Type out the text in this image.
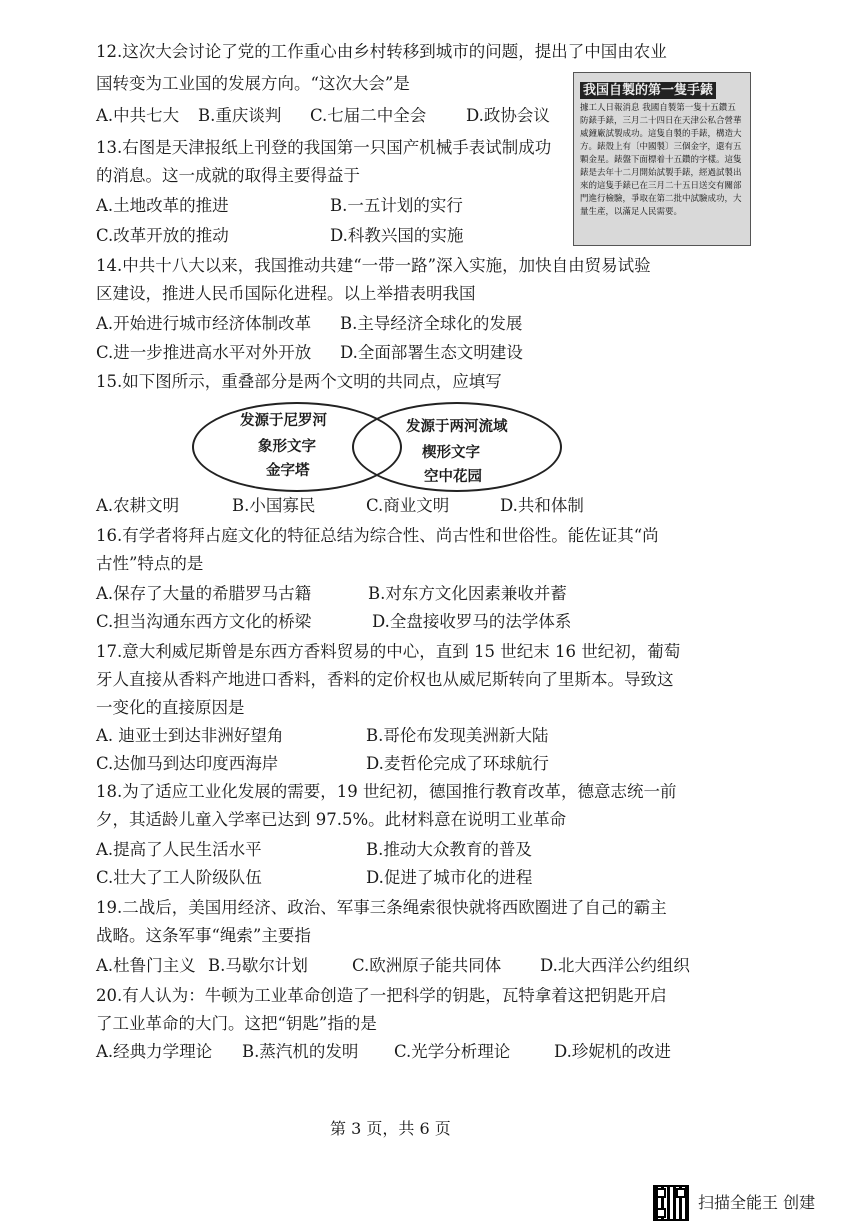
12.这次大会讨论了党的工作重心由乡村转移到城市的问题，提出了中国由农业
国转变为工业国的发展方向。“这次大会”是
A.中共七大 B.重庆谈判 C.七届二中全会 D.政协会议
我国自製的第一隻手錶
據工人日報消息 我國自製第一隻十五鑽五防錶手錶，三月二十四日在天津公私合營華威鐘廠試製成功。這隻自製的手錶，構造大方。錶殼上有〔中國製〕三個金字，還有五顆金星。錶盤下面標着十五鑽的字樣。這隻錶是去年十二月開始試製手錶，經過試製出來的這隻手錶已在三月二十五日送交有關部門進行檢驗，爭取在第二批中試驗成功，大量生產，以滿足人民需要。
13.右图是天津报纸上刊登的我国第一只国产机械手表试制成功
的消息。这一成就的取得主要得益于
A.土地改革的推进	B.一五计划的实行
C.改革开放的推动	D.科教兴国的实施
14.中共十八大以来，我国推动共建“一带一路”深入实施，加快自由贸易试验
区建设，推进人民币国际化进程。以上举措表明我国
A.开始进行城市经济体制改革 B.主导经济全球化的发展
C.进一步推进高水平对外开放 D.全面部署生态文明建设
15.如下图所示，重叠部分是两个文明的共同点，应填写
发源于尼罗河
象形文字
金字塔
发源于两河流域
楔形文字
空中花园
A.农耕文明	B.小国寡民	C.商业文明	D.共和体制
16.有学者将拜占庭文化的特征总结为综合性、尚古性和世俗性。能佐证其“尚
古性”特点的是
A.保存了大量的希腊罗马古籍	B.对东方文化因素兼收并蓄
C.担当沟通东西方文化的桥梁	D.全盘接收罗马的法学体系
17.意大利威尼斯曾是东西方香料贸易的中心，直到 15 世纪末 16 世纪初，葡萄
牙人直接从香料产地进口香料，香料的定价权也从威尼斯转向了里斯本。导致这
一变化的直接原因是
A. 迪亚士到达非洲好望角	B.哥伦布发现美洲新大陆
C.达伽马到达印度西海岸	D.麦哲伦完成了环球航行
18.为了适应工业化发展的需要，19 世纪初，德国推行教育改革，德意志统一前
夕，其适龄儿童入学率已达到 97.5%。此材料意在说明工业革命
A.提高了人民生活水平	B.推动大众教育的普及
C.壮大了工人阶级队伍	D.促进了城市化的进程
19.二战后，美国用经济、政治、军事三条绳索很快就将西欧圈进了自己的霸主
战略。这条军事“绳索”主要指
A.杜鲁门主义 B.马歇尔计划	C.欧洲原子能共同体 D.北大西洋公约组织
20.有人认为：牛顿为工业革命创造了一把科学的钥匙，瓦特拿着这把钥匙开启
了工业革命的大门。这把“钥匙”指的是
A.经典力学理论 B.蒸汽机的发明 C.光学分析理论	D.珍妮机的改进
第 3 页，共 6 页
扫描全能王 创建
